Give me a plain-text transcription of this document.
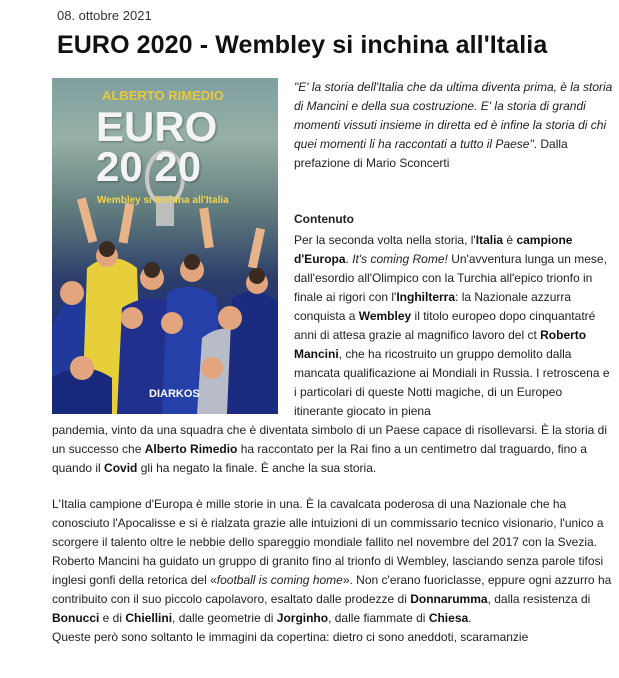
08. ottobre 2021
EURO 2020 - Wembley si inchina all'Italia
ALBERTO RIMEDIO
EURO
20 20
Wembley si inchina all'Italia
DIARKOS
"E' la storia dell'Italia che da ultima diventa prima, è la storia di Mancini e della sua costruzione. E' la storia di grandi momenti vissuti insieme in diretta ed è infine la storia di chi quei momenti li ha raccontati a tutto il Paese". Dalla prefazione di Mario Sconcerti
Contenuto
Per la seconda volta nella storia, l'Italia è campione d'Europa. It's coming Rome! Un'avventura lunga un mese, dall'esordio all'Olimpico con la Turchia all'epico trionfo in finale ai rigori con l'Inghilterra: la Nazionale azzurra conquista a Wembley il titolo europeo dopo cinquantatré anni di attesa grazie al magnifico lavoro del ct Roberto Mancini, che ha ricostruito un gruppo demolito dalla mancata qualificazione ai Mondiali in Russia. I retroscena e i particolari di queste Notti magiche, di un Europeo itinerante giocato in piena
pandemia, vinto da una squadra che è diventata simbolo di un Paese capace di risollevarsi. È la storia di un successo che Alberto Rimedio ha raccontato per la Rai fino a un centimetro dal traguardo, fino a quando il Covid gli ha negato la finale. È anche la sua storia.
L'Italia campione d'Europa è mille storie in una. È la cavalcata poderosa di una Nazionale che ha conosciuto l'Apocalisse e si è rialzata grazie alle intuizioni di un commissario tecnico visionario, l'unico a scorgere il talento oltre le nebbie dello spareggio mondiale fallito nel novembre del 2017 con la Svezia.
Roberto Mancini ha guidato un gruppo di granito fino al trionfo di Wembley, lasciando senza parole tifosi inglesi gonfi della retorica del «football is coming home». Non c'erano fuoriclasse, eppure ogni azzurro ha contribuito con il suo piccolo capolavoro, esaltato dalle prodezze di Donnarumma, dalla resistenza di Bonucci e di Chiellini, dalle geometrie di Jorginho, dalle fiammate di Chiesa.
Queste però sono soltanto le immagini da copertina: dietro ci sono aneddoti, scaramanzie
